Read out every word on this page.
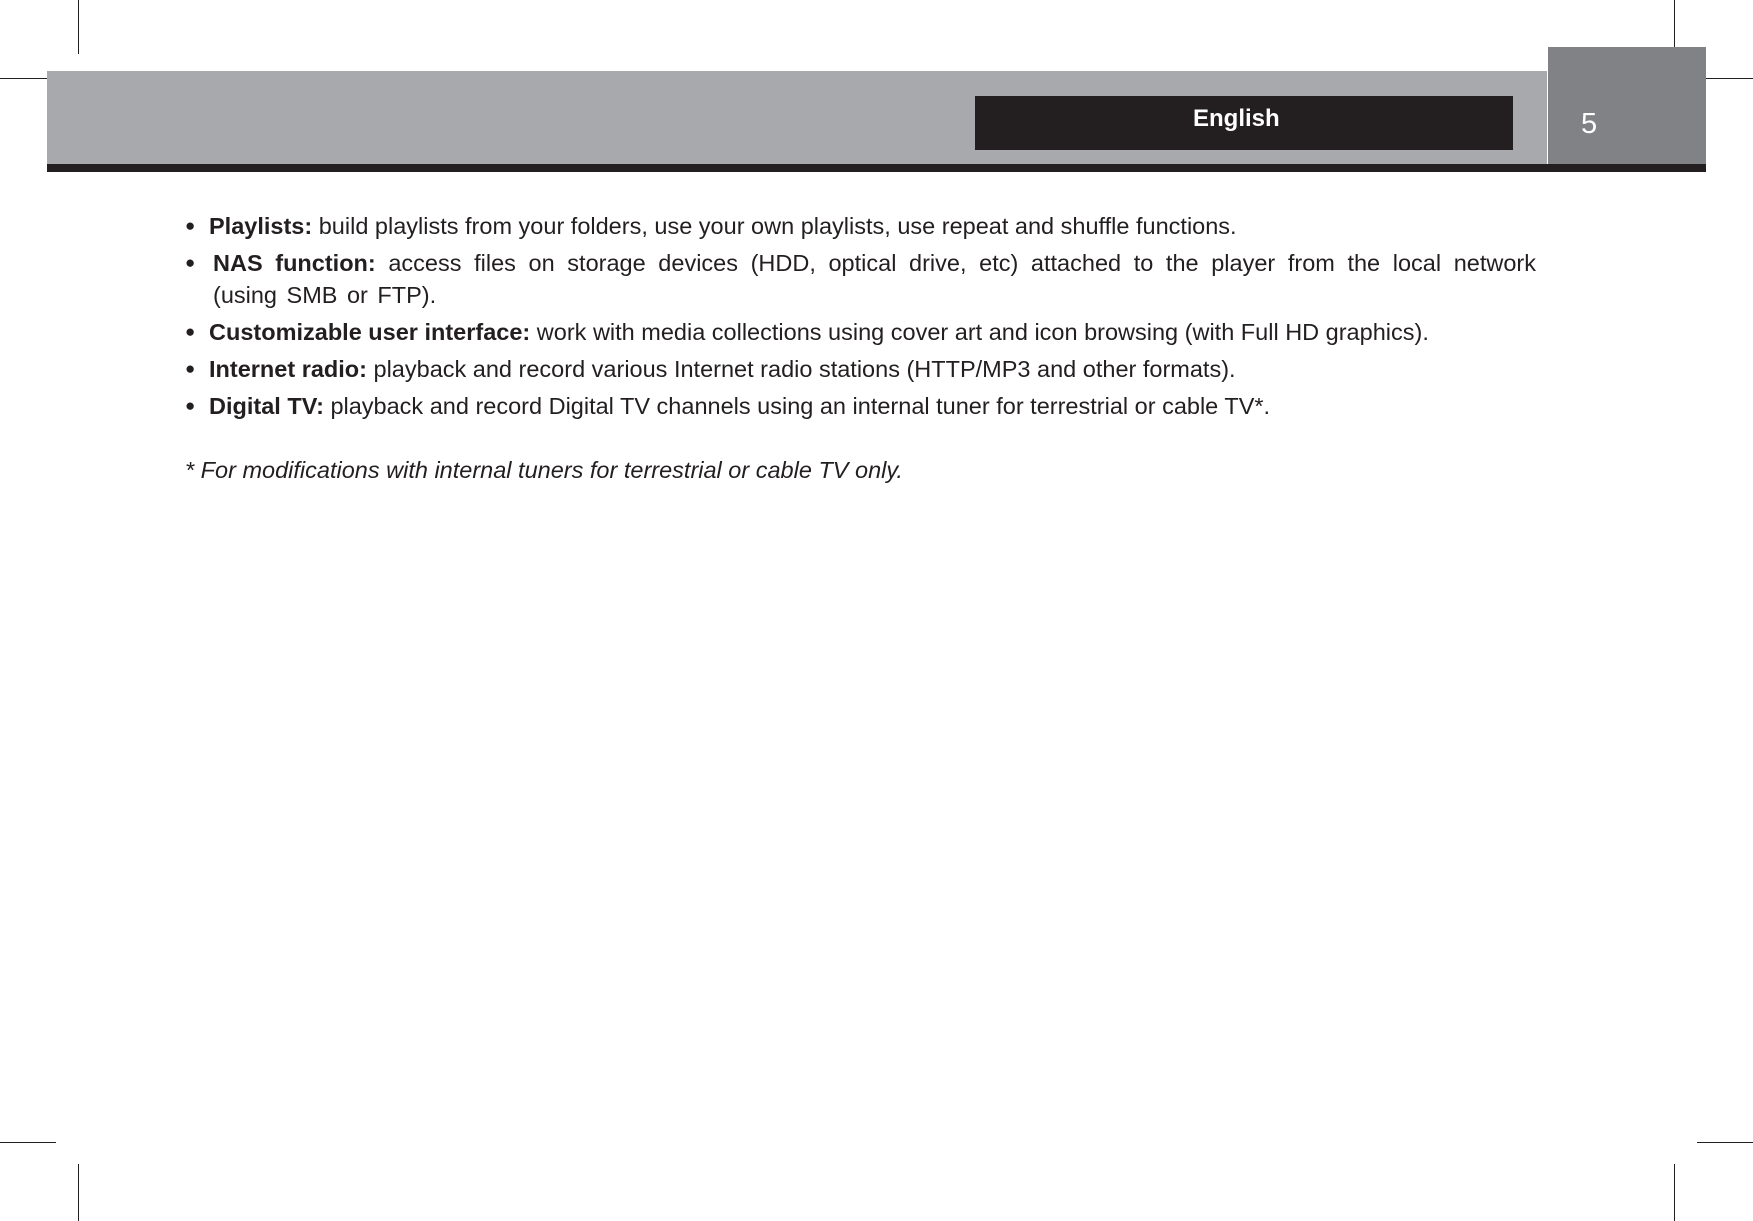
English	5
● Playlists: build playlists from your folders, use your own playlists, use repeat and shuffle functions.
● NAS function: access files on storage devices (HDD, optical drive, etc) attached to the player from the local network (using SMB or FTP).
● Customizable user interface: work with media collections using cover art and icon browsing (with Full HD graphics).
● Internet radio: playback and record various Internet radio stations (HTTP/MP3 and other formats).
● Digital TV: playback and record Digital TV channels using an internal tuner for terrestrial or cable TV*.

* For modifications with internal tuners for terrestrial or cable TV only.
